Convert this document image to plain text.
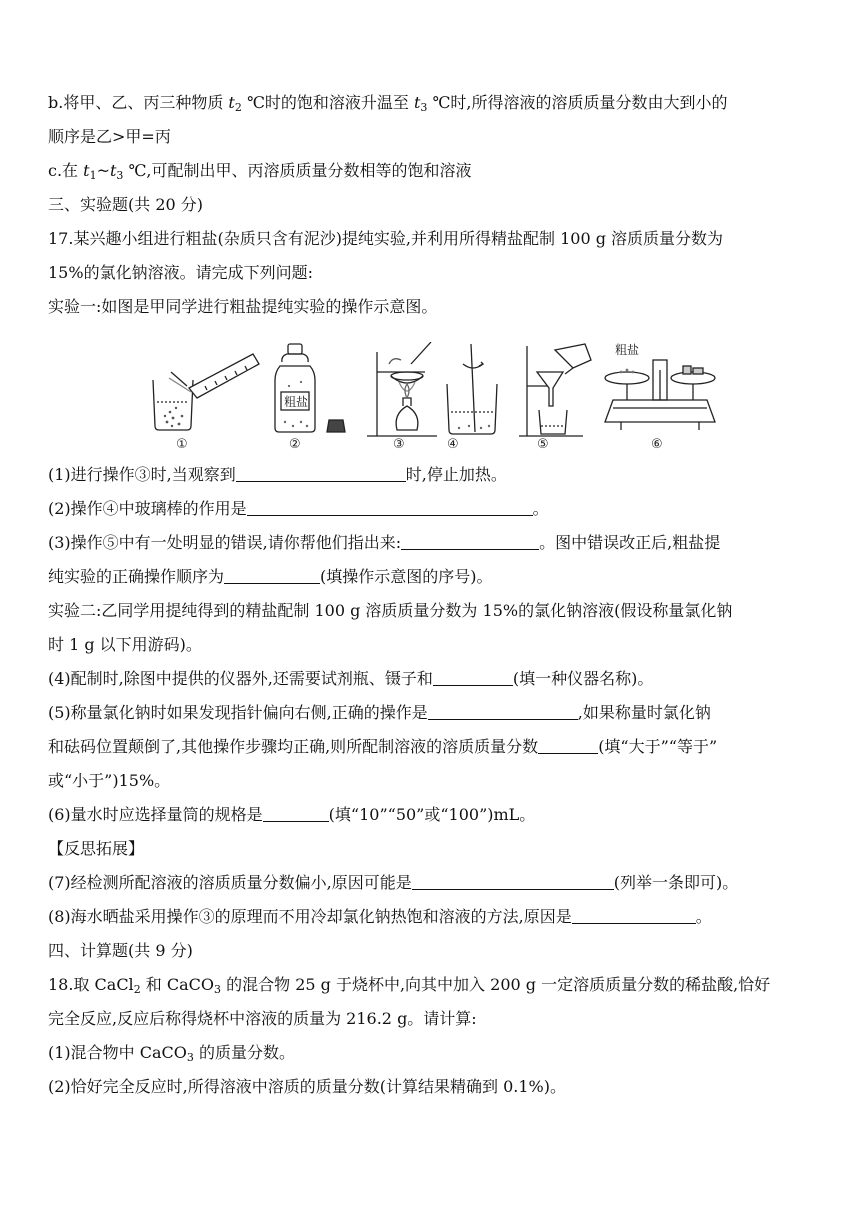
b.将甲、乙、丙三种物质 $t_2$ ℃时的饱和溶液升温至 $t_3$ ℃时,所得溶液的溶质质量分数由大到小的
顺序是乙>甲=丙
c.在 $t_1\sim t_3$ ℃,可配制出甲、丙溶质质量分数相等的饱和溶液
三、实验题(共 20 分)
17.某兴趣小组进行粗盐(杂质只含有泥沙)提纯实验,并利用所得精盐配制 100 g 溶质质量分数为
15%的氯化钠溶液。请完成下列问题:
实验一:如图是甲同学进行粗盐提纯实验的操作示意图。
粗盐
粗盐
①	②	③	④	⑤	⑥
(1)进行操作③时,当观察到	时,停止加热。
(2)操作④中玻璃棒的作用是	。
(3)操作⑤中有一处明显的错误,请你帮他们指出来:	。图中错误改正后,粗盐提
纯实验的正确操作顺序为	(填操作示意图的序号)。
实验二:乙同学用提纯得到的精盐配制 100 g 溶质质量分数为 15%的氯化钠溶液(假设称量氯化钠
时 1 g 以下用游码)。
(4)配制时,除图中提供的仪器外,还需要试剂瓶、镊子和	(填一种仪器名称)。
(5)称量氯化钠时如果发现指针偏向右侧,正确的操作是	,如果称量时氯化钠
和砝码位置颠倒了,其他操作步骤均正确,则所配制溶液的溶质质量分数	(填“大于”“等于”
或“小于”)15%。
(6)量水时应选择量筒的规格是	(填“10”“50”或“100”)mL。
【反思拓展】
(7)经检测所配溶液的溶质质量分数偏小,原因可能是	(列举一条即可)。
(8)海水晒盐采用操作③的原理而不用冷却氯化钠热饱和溶液的方法,原因是	。
四、计算题(共 9 分)
18.取 CaCl$_2$ 和 CaCO$_3$ 的混合物 25 g 于烧杯中,向其中加入 200 g 一定溶质质量分数的稀盐酸,恰好
完全反应,反应后称得烧杯中溶液的质量为 216.2 g。请计算:
(1)混合物中 CaCO$_3$ 的质量分数。
(2)恰好完全反应时,所得溶液中溶质的质量分数(计算结果精确到 0.1%)。
